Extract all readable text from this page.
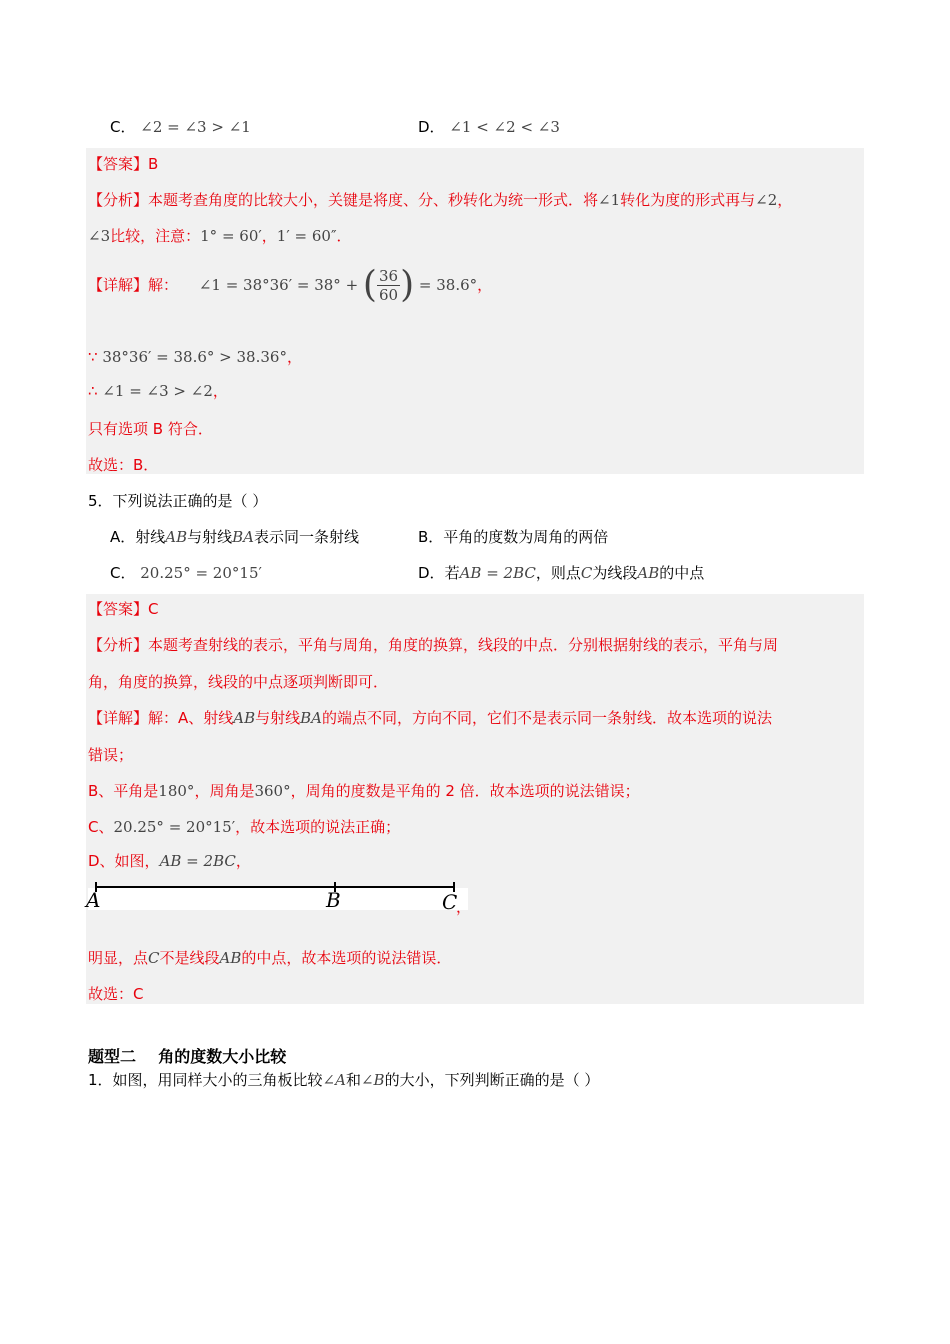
C． ∠2 = ∠3 > ∠1	D． ∠1 < ∠2 < ∠3
【答案】B
【分析】本题考查角度的比较大小，关键是将度、分、秒转化为统一形式．将∠1转化为度的形式再与∠2，
∠3比较，注意：1° = 60′，1′ = 60″．
【详解】解： ∠1 = 38°36′ = 38° + ( $\frac{36}{60}$ ) = 38.6°，
∵ 38°36′ = 38.6° > 38.36°，
∴ ∠1 = ∠3 > ∠2，
只有选项 B 符合．
故选：B．
5．下列说法正确的是（ ）
A．射线AB与射线BA表示同一条射线	B．平角的度数为周角的两倍
C． 20.25° = 20°15′	D．若AB = 2BC，则点C为线段AB的中点
【答案】C
【分析】本题考查射线的表示，平角与周角，角度的换算，线段的中点．分别根据射线的表示，平角与周
角，角度的换算，线段的中点逐项判断即可．
【详解】解：A、射线AB与射线BA的端点不同，方向不同，它们不是表示同一条射线．故本选项的说法
错误；
B、平角是180°，周角是360°，周角的度数是平角的 2 倍．故本选项的说法错误；
C、20.25° = 20°15′，故本选项的说法正确；
D、如图，AB = 2BC，
A	B	C
，
明显，点C不是线段AB的中点，故本选项的说法错误．
故选：C
题型二    角的度数大小比较
1．如图，用同样大小的三角板比较∠A和∠B的大小，下列判断正确的是（ ）
